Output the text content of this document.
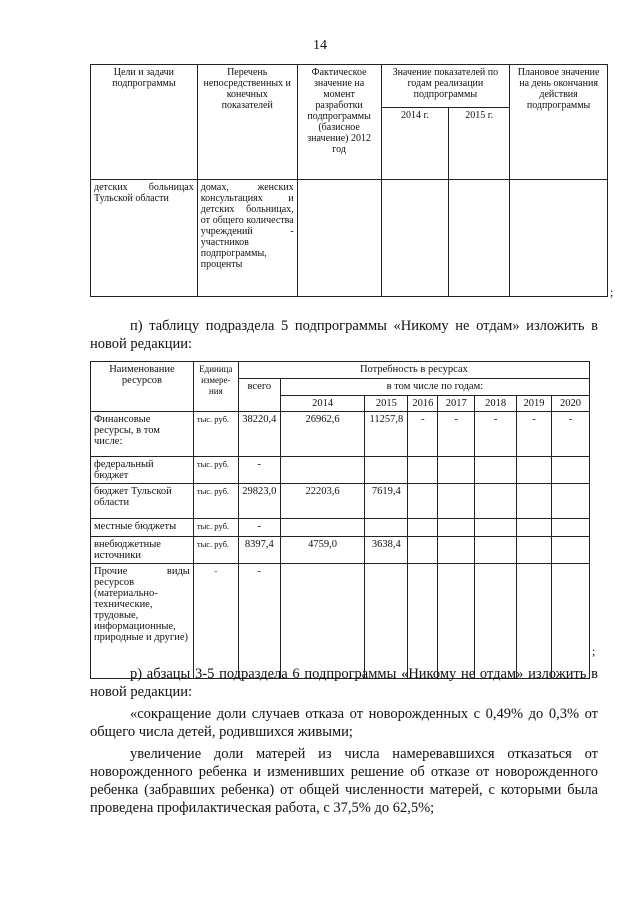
14
Цели и задачи подпрограммы	Перечень непосредственных и конечных показателей	Фактическое значение на момент разработки подпрограммы (базисное значение) 2012 год	Значение показателей по годам реализации подпрограммы		Плановое значение на день окончания действия подпрограммы
			2014 г.	2015 г.	
детских больницах Тульской области	домах, женских консультациях и детских больницах, от общего количества учреждений - участников подпрограммы, проценты				
;
п) таблицу подраздела 5 подпрограммы «Никому не отдам» изложить в новой редакции:
Наименование ресурсов	Единица измере-ния	Потребность в ресурсах							
		всего	в том числе по годам:						
			2014	2015	2016	2017	2018	2019	2020
Финансовые ресурсы, в том числе:	тыс. руб.	38220,4	26962,6	11257,8	-	-	-	-	-
федеральный бюджет	тыс. руб.	-							
бюджет Тульской области	тыс. руб.	29823,0	22203,6	7619,4					
местные бюджеты	тыс. руб.	-							
внебюджетные источники	тыс. руб.	8397,4	4759,0	3638,4					
Прочие виды ресурсов (материально-технические, трудовые, информационные, природные и другие)	-	-							
;
р) абзацы 3-5 подраздела 6 подпрограммы «Никому не отдам» изложить в новой редакции:
«сокращение доли случаев отказа от новорожденных с 0,49% до 0,3% от общего числа детей, родившихся живыми;
увеличение доли матерей из числа намеревавшихся отказаться от новорожденного ребенка и изменивших решение об отказе от новорожденного ребенка (забравших ребенка) от общей численности матерей, с которыми была проведена профилактическая работа, с 37,5% до 62,5%;
